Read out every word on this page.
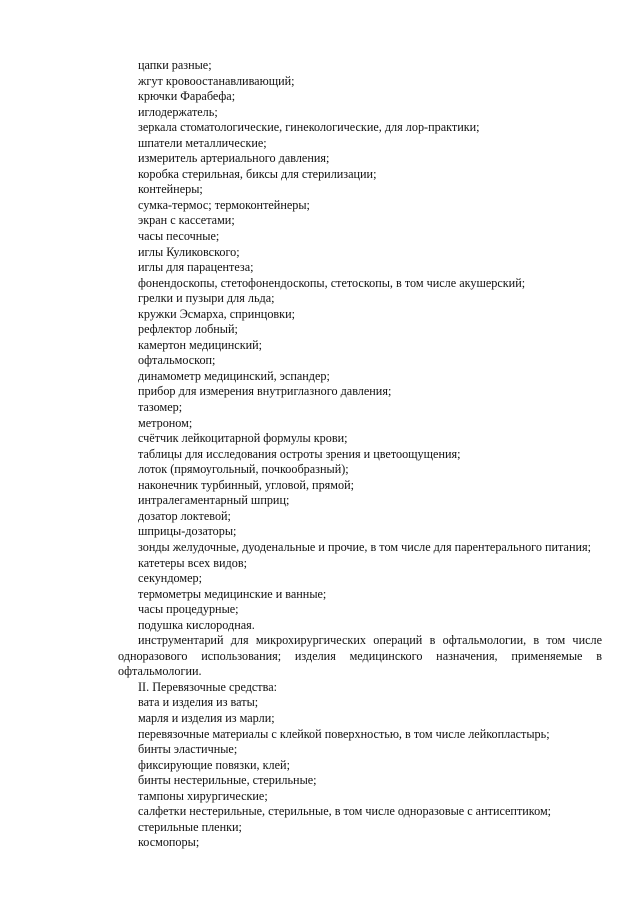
цапки разные;
жгут кровоостанавливающий;
крючки Фарабефа;
иглодержатель;
зеркала стоматологические, гинекологические, для лор-практики;
шпатели металлические;
измеритель артериального давления;
коробка стерильная, биксы для стерилизации;
контейнеры;
сумка-термос; термоконтейнеры;
экран с кассетами;
часы песочные;
иглы Куликовского;
иглы для парацентеза;
фонендоскопы, стетофонендоскопы, стетоскопы, в том числе акушерский;
грелки и пузыри для льда;
кружки Эсмарха, спринцовки;
рефлектор лобный;
камертон медицинский;
офтальмоскоп;
динамометр медицинский, эспандер;
прибор для измерения внутриглазного давления;
тазомер;
метроном;
счётчик лейкоцитарной формулы крови;
таблицы для исследования остроты зрения и цветоощущения;
лоток (прямоугольный, почкообразный);
наконечник турбинный, угловой, прямой;
интралегаментарный шприц;
дозатор локтевой;
шприцы-дозаторы;
зонды желудочные, дуоденальные и прочие, в том числе для парентерального питания;
катетеры всех видов;
секундомер;
термометры медицинские и ванные;
часы процедурные;
подушка кислородная.
инструментарий для микрохирургических операций в офтальмологии, в том числе одноразового использования; изделия медицинского назначения, применяемые в офтальмологии.
II. Перевязочные средства:
вата и изделия из ваты;
марля и изделия из марли;
перевязочные материалы с клейкой поверхностью, в том числе лейкопластырь;
бинты эластичные;
фиксирующие повязки, клей;
бинты нестерильные, стерильные;
тампоны хирургические;
салфетки нестерильные, стерильные, в том числе одноразовые с антисептиком;
стерильные пленки;
космопоры;
